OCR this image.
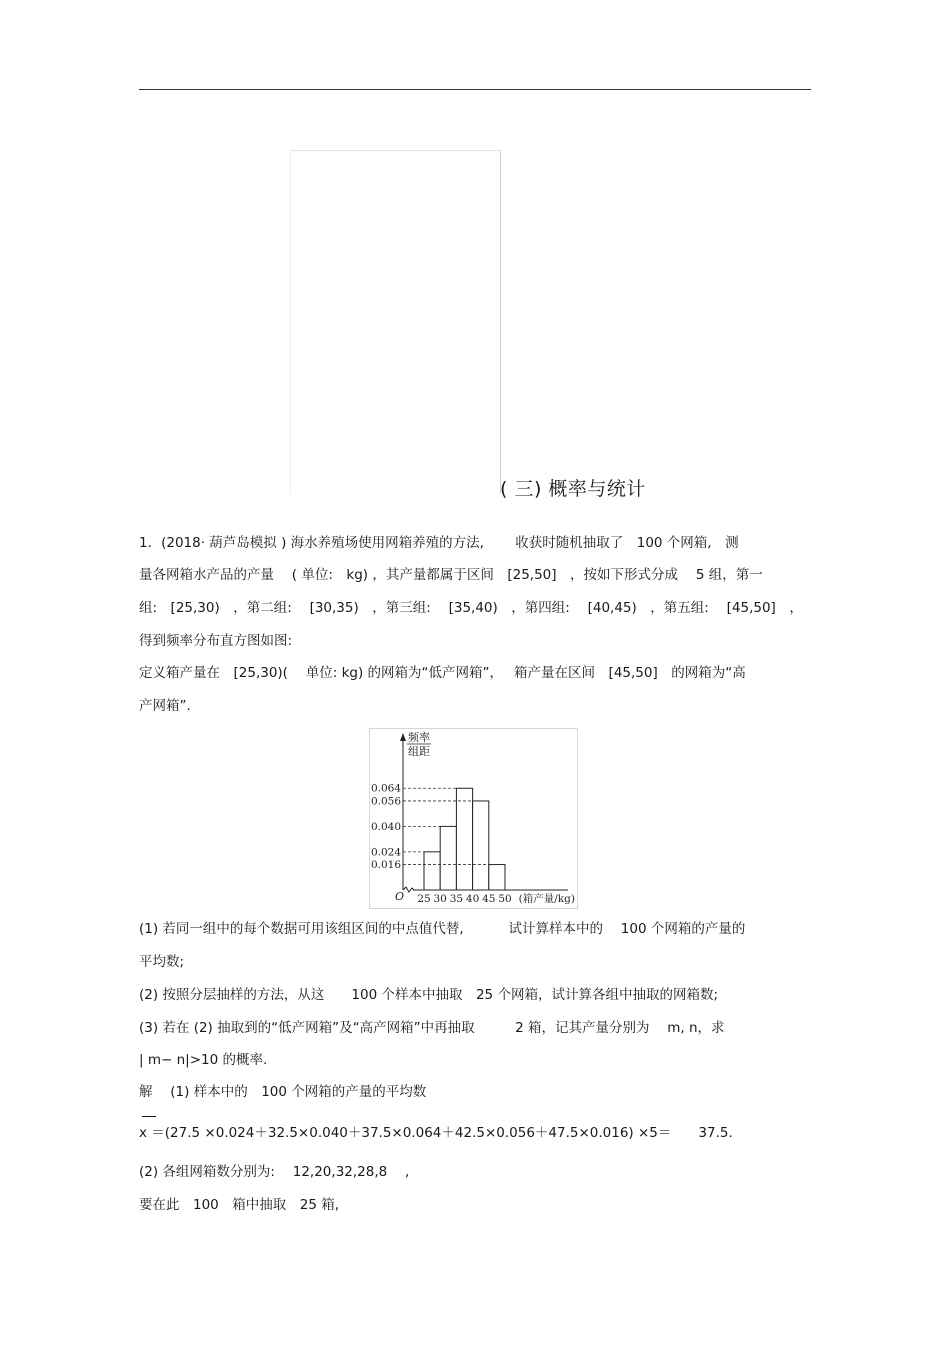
( 三) 概率与统计
1．(2018· 葫芦岛模拟 ) 海水养殖场使用网箱养殖的方法,　　 收获时随机抽取了　100 个网箱,　测
量各网箱水产品的产量　 ( 单位:　kg) ，其产量都属于区间　[25,50]　，按如下形式分成　 5 组，第一
组:　[25,30)　，第二组:　 [30,35)　，第三组:　 [35,40)　，第四组:　 [40,45)　，第五组:　 [45,50]　，
得到频率分布直方图如图:
定义箱产量在　[25,30)(　 单位: kg) 的网箱为“低产网箱”，　 箱产量在区间　[45,50]　的网箱为“高
产网箱”．
频率
组距
0.064
0.056
0.040
0.024
0.016
25 30 35 40 45 50
O	(箱产量/kg)
(1) 若同一组中的每个数据可用该组区间的中点值代替,　　　 试计算样本中的　 100 个网箱的产量的
平均数;
(2) 按照分层抽样的方法，从这　　100 个样本中抽取　25 个网箱，试计算各组中抽取的网箱数;
(3) 若在 (2) 抽取到的“低产网箱”及“高产网箱”中再抽取　　　2 箱，记其产量分别为　 m, n，求
| m− n|>10 的概率.
解　 (1) 样本中的　100 个网箱的产量的平均数
x ＝(27.5 ×0.024＋32.5×0.040＋37.5×0.064＋42.5×0.056＋47.5×0.016) ×5＝　　37.5.
(2) 各组网箱数分别为:　 12,20,32,28,8　 ,
要在此　100　箱中抽取　25 箱,
